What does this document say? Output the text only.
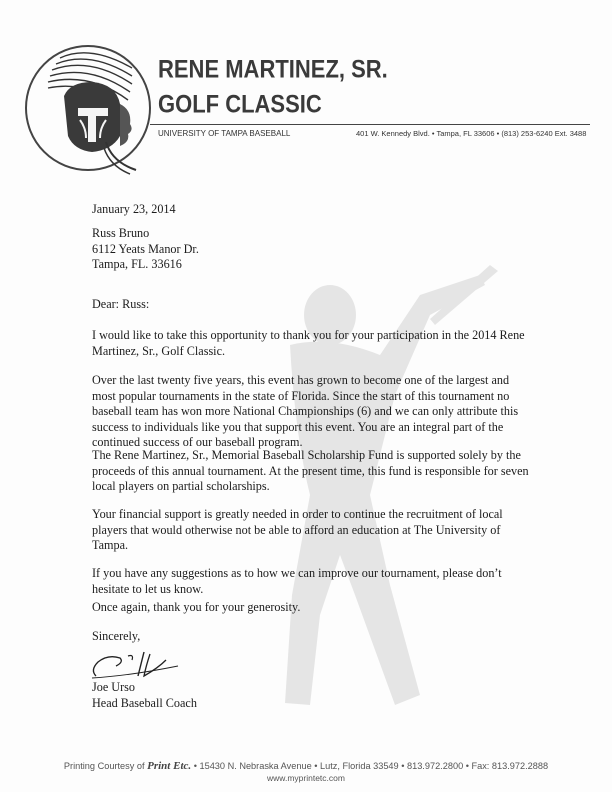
RENE MARTINEZ, SR.
GOLF CLASSIC
UNIVERSITY OF TAMPA BASEBALL	401 W. Kennedy Blvd. • Tampa, FL 33606 • (813) 253-6240 Ext. 3488

January 23, 2014

Russ Bruno
6112 Yeats Manor Dr.
Tampa, FL. 33616

Dear: Russ:

I would like to take this opportunity to thank you for your participation in the 2014 Rene Martinez, Sr., Golf Classic.

Over the last twenty five years, this event has grown to become one of the largest and most popular tournaments in the state of Florida. Since the start of this tournament no baseball team has won more National Championships (6) and we can only attribute this success to individuals like you that support this event. You are an integral part of the continued success of our baseball program.

The Rene Martinez, Sr., Memorial Baseball Scholarship Fund is supported solely by the proceeds of this annual tournament. At the present time, this fund is responsible for seven local players on partial scholarships.

Your financial support is greatly needed in order to continue the recruitment of local players that would otherwise not be able to afford an education at The University of Tampa.

If you have any suggestions as to how we can improve our tournament, please don’t hesitate to let us know.

Once again, thank you for your generosity.

Sincerely,

Joe Urso
Head Baseball Coach
Printing Courtesy of Print Etc. • 15430 N. Nebraska Avenue • Lutz, Florida 33549 • 813.972.2800 • Fax: 813.972.2888
www.myprintetc.com
